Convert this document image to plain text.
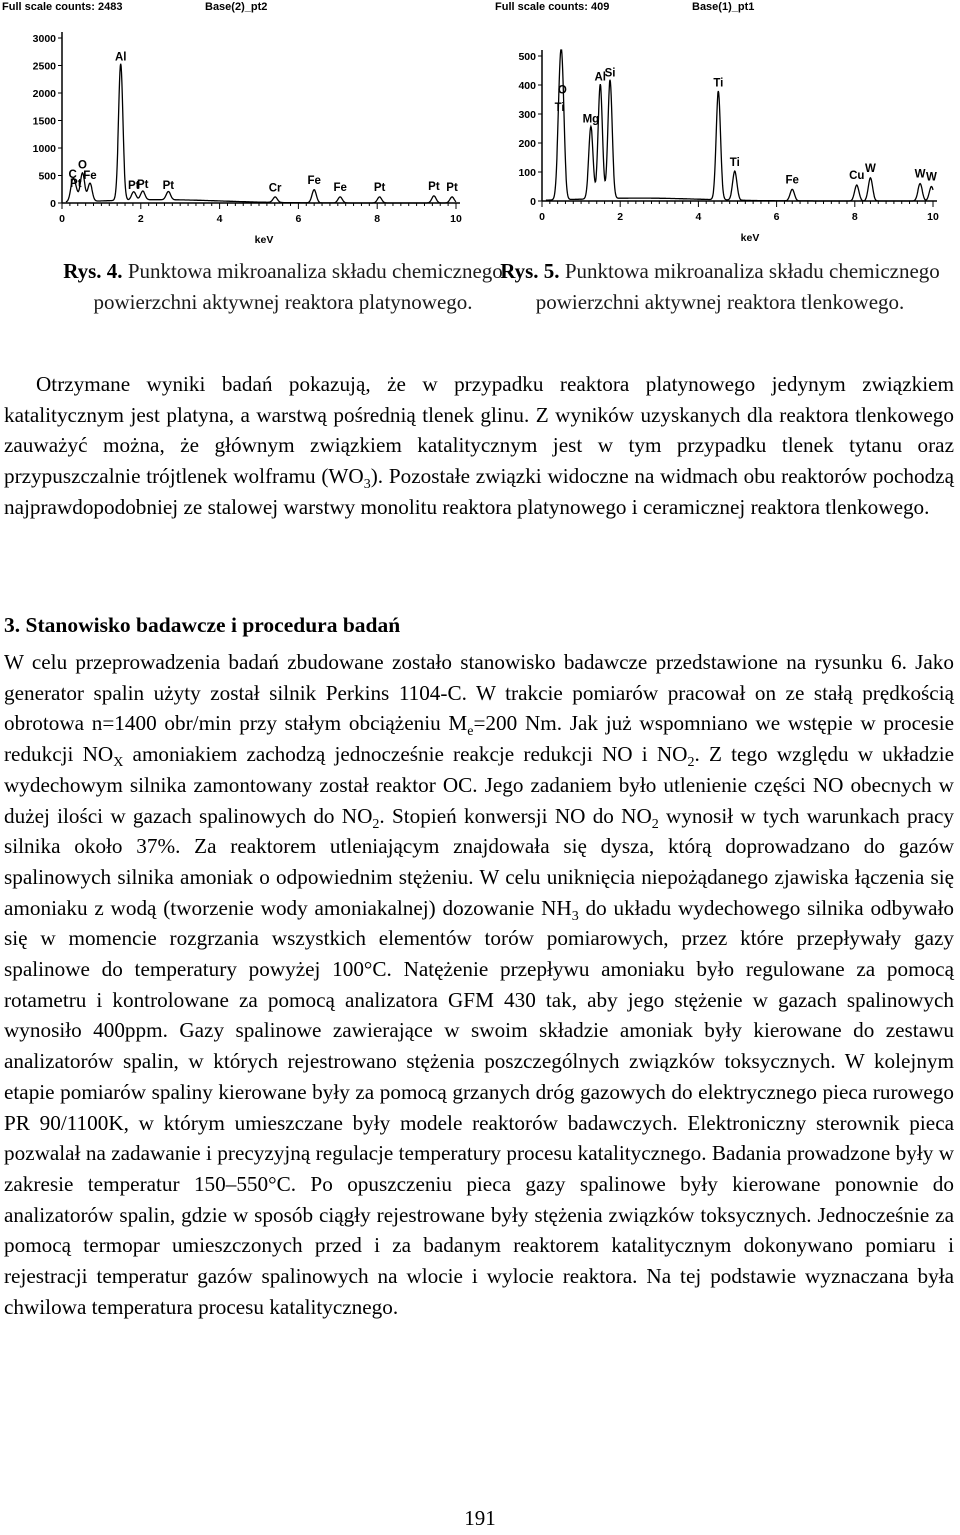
Full scale counts: 2483	Base(2)_pt2
0
500
1000
1500
2000
2500
3000
0	2	4	6	8	10
keV
C
O
Fe
Pt
Al
Pt
Pt Pt	Cr
Fe
Fe Pt	Pt Pt
Full scale counts: 409	Base(1)_pt1
0
100
200
300
400
500
0	2	4	6	8	10
keV
O
Ti
Mg
Al
Si
Ti
Ti
Fe	Cu
W	W W
Rys. 4. Punktowa mikroanaliza składu chemicznego powierzchni aktywnej reaktora platynowego.
Rys. 5. Punktowa mikroanaliza składu chemicznego powierzchni aktywnej reaktora tlenkowego.

Otrzymane wyniki badań pokazują, że w przypadku reaktora platynowego jedynym związkiem katalitycznym jest platyna, a warstwą pośrednią tlenek glinu. Z wyników uzyskanych dla reaktora tlenkowego zauważyć można, że głównym związkiem katalitycznym jest w tym przypadku tlenek tytanu oraz przypuszczalnie trójtlenek wolframu $(WO_3)$. Pozostałe związki widoczne na widmach obu reaktorów pochodzą najprawdopodobniej ze stalowej warstwy monolitu reaktora platynowego i ceramicznej reaktora tlenkowego.

3. Stanowisko badawcze i procedura badań

W celu przeprowadzenia badań zbudowane zostało stanowisko badawcze przedstawione na rysunku 6. Jako generator spalin użyty został silnik Perkins 1104-C. W trakcie pomiarów pracował on ze stałą prędkością obrotowa n=1400 obr/min przy stałym obciążeniu $M_e=200$ Nm. Jak już wspomniano we wstępie w procesie redukcji $NO_X$ amoniakiem zachodzą jednocześnie reakcje redukcji NO i $NO_2$. Z tego względu w układzie wydechowym silnika zamontowany został reaktor OC. Jego zadaniem było utlenienie części NO obecnych w dużej ilości w gazach spalinowych do $NO_2$. Stopień konwersji NO do $NO_2$ wynosił w tych warunkach pracy silnika około 37%. Za reaktorem utleniającym znajdowała się dysza, którą doprowadzano do gazów spalinowych silnika amoniak o odpowiednim stężeniu. W celu uniknięcia niepożądanego zjawiska łączenia się amoniaku z wodą (tworzenie wody amoniakalnej) dozowanie $NH_3$ do układu wydechowego silnika odbywało się w momencie rozgrzania wszystkich elementów torów pomiarowych, przez które przepływały gazy spalinowe do temperatury powyżej 100°C. Natężenie przepływu amoniaku było regulowane za pomocą rotametru i kontrolowane za pomocą analizatora GFM 430 tak, aby jego stężenie w gazach spalinowych wynosiło 400ppm. Gazy spalinowe zawierające w swoim składzie amoniak były kierowane do zestawu analizatorów spalin, w których rejestrowano stężenia poszczególnych związków toksycznych. W kolejnym etapie pomiarów spaliny kierowane były za pomocą grzanych dróg gazowych do elektrycznego pieca rurowego PR 90/1100K, w którym umieszczane były modele reaktorów badawczych. Elektroniczny sterownik pieca pozwalał na zadawanie i precyzyjną regulacje temperatury procesu katalitycznego. Badania prowadzone były w zakresie temperatur 150–550°C. Po opuszczeniu pieca gazy spalinowe były kierowane ponownie do analizatorów spalin, gdzie w sposób ciągły rejestrowane były stężenia związków toksycznych. Jednocześnie za pomocą termopar umieszczonych przed i za badanym reaktorem katalitycznym dokonywano pomiaru i rejestracji temperatur gazów spalinowych na wlocie i wylocie reaktora. Na tej podstawie wyznaczana była chwilowa temperatura procesu katalitycznego.

191
